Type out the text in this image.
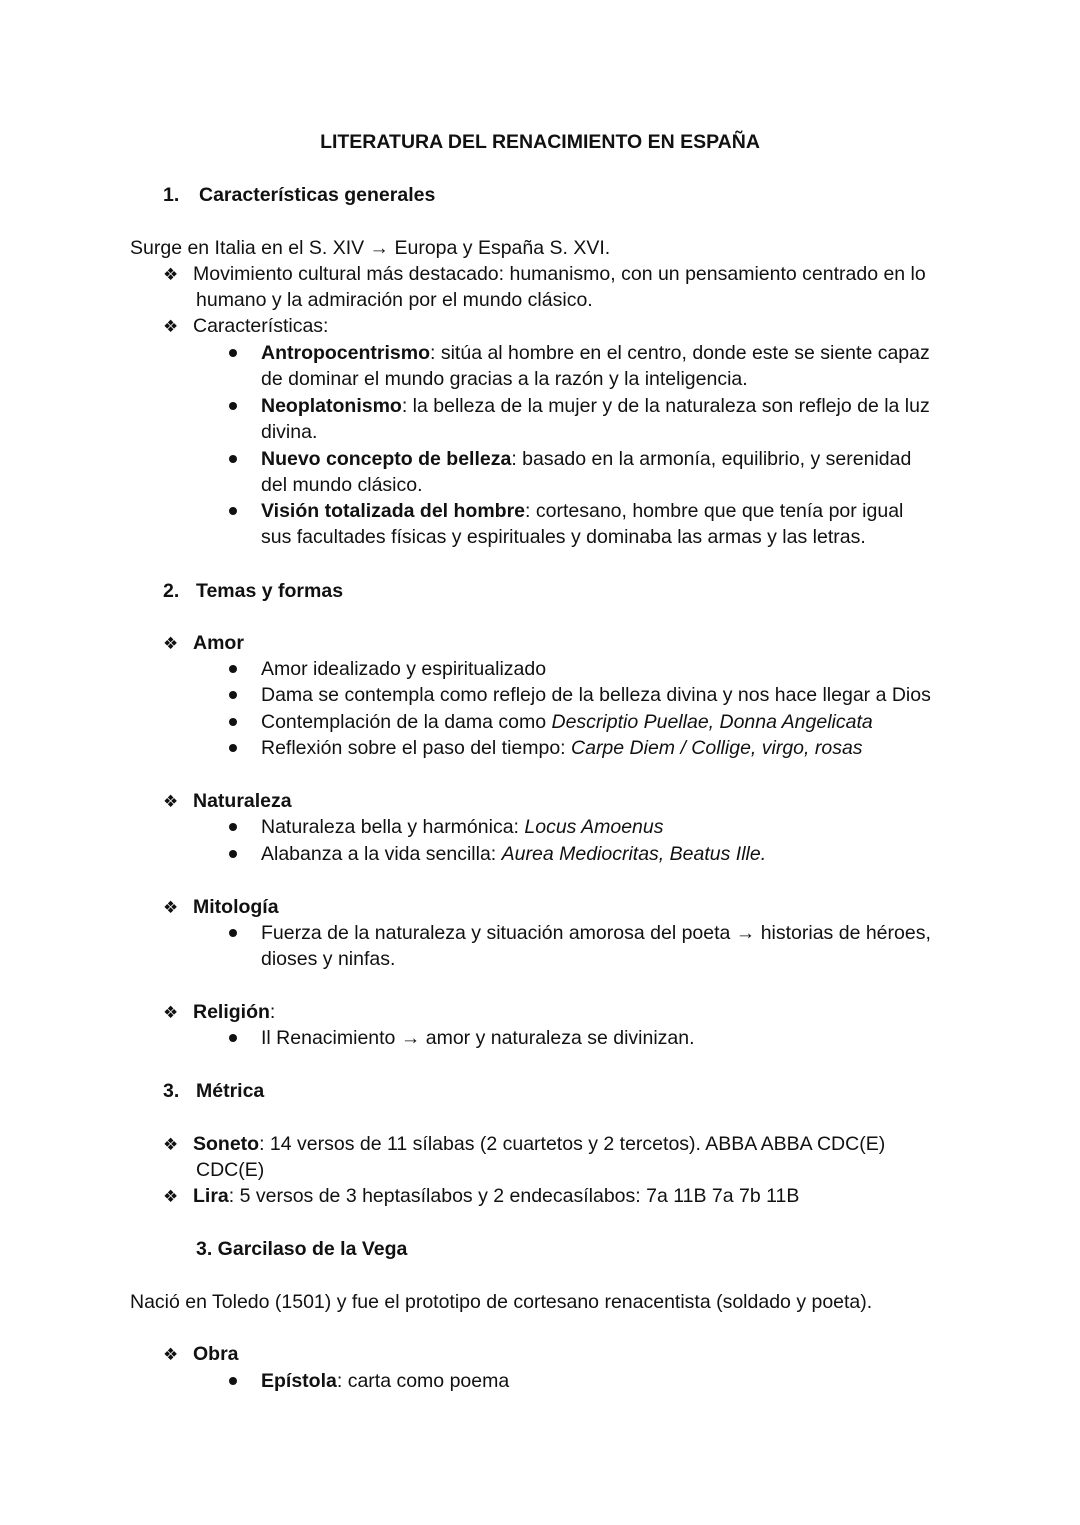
LITERATURA DEL RENACIMIENTO EN ESPAÑA
1. Características generales
Surge en Italia en el S. XIV → Europa y España S. XVI.
❖ Movimiento cultural más destacado: humanismo, con un pensamiento centrado en lo
humano y la admiración por el mundo clásico.
❖ Características:
Antropocentrismo: sitúa al hombre en el centro, donde este se siente capaz
de dominar el mundo gracias a la razón y la inteligencia.
Neoplatonismo: la belleza de la mujer y de la naturaleza son reflejo de la luz
divina.
Nuevo concepto de belleza: basado en la armonía, equilibrio, y serenidad
del mundo clásico.
Visión totalizada del hombre: cortesano, hombre que que tenía por igual
sus facultades físicas y espirituales y dominaba las armas y las letras.
2. Temas y formas
❖ Amor
Amor idealizado y espiritualizado
Dama se contempla como reflejo de la belleza divina y nos hace llegar a Dios
Contemplación de la dama como Descriptio Puellae, Donna Angelicata
Reflexión sobre el paso del tiempo: Carpe Diem / Collige, virgo, rosas
❖ Naturaleza
Naturaleza bella y harmónica: Locus Amoenus
Alabanza a la vida sencilla: Aurea Mediocritas, Beatus Ille.
❖ Mitología
Fuerza de la naturaleza y situación amorosa del poeta → historias de héroes,
dioses y ninfas.
❖ Religión:
Il Renacimiento → amor y naturaleza se divinizan.
3. Métrica
❖ Soneto: 14 versos de 11 sílabas (2 cuartetos y 2 tercetos). ABBA ABBA CDC(E)
CDC(E)
❖ Lira: 5 versos de 3 heptasílabos y 2 endecasílabos: 7a 11B 7a 7b 11B
3. Garcilaso de la Vega
Nació en Toledo (1501) y fue el prototipo de cortesano renacentista (soldado y poeta).
❖ Obra
Epístola: carta como poema
